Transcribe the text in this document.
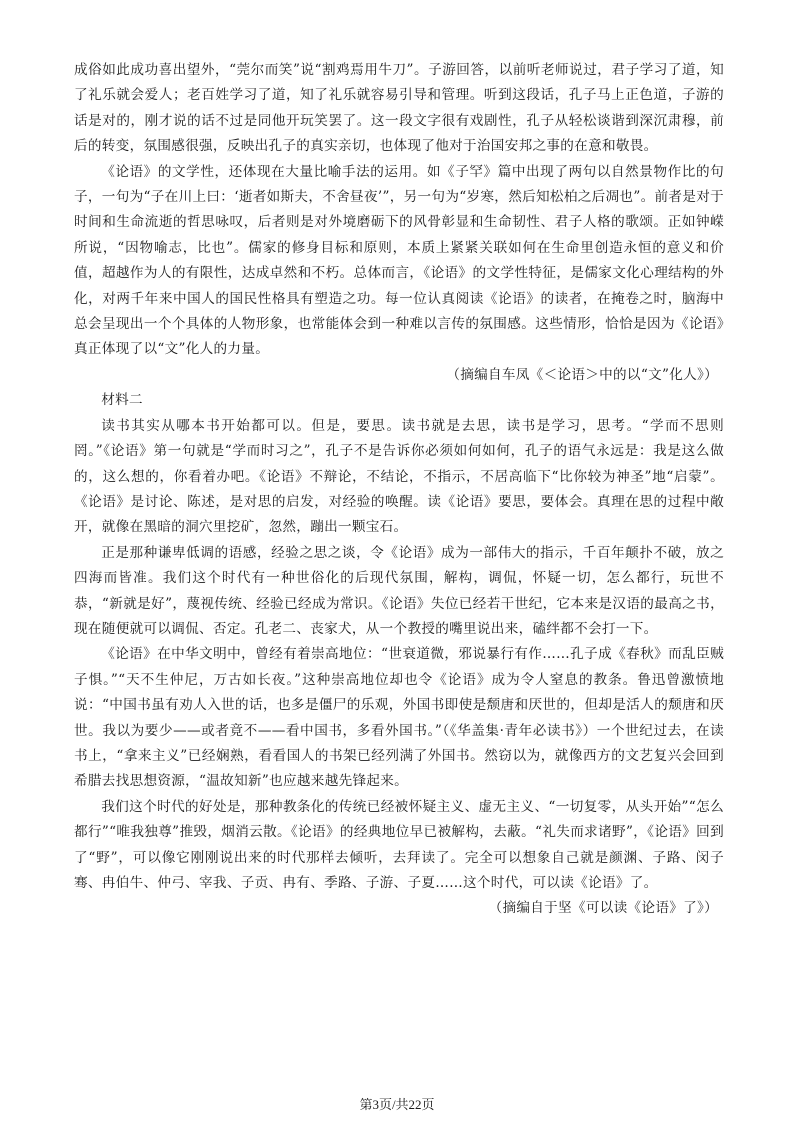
成俗如此成功喜出望外，“莞尔而笑”说“割鸡焉用牛刀”。子游回答，以前听老师说过，君子学习了道，知了礼乐就会爱人；老百姓学习了道，知了礼乐就容易引导和管理。听到这段话，孔子马上正色道，子游的话是对的，刚才说的话不过是同他开玩笑罢了。这一段文字很有戏剧性，孔子从轻松谈谐到深沉肃穆，前后的转变，氛围感很强，反映出孔子的真实亲切，也体现了他对于治国安邦之事的在意和敬畏。

《论语》的文学性，还体现在大量比喻手法的运用。如《子罕》篇中出现了两句以自然景物作比的句子，一句为“子在川上曰：‘逝者如斯夫，不舍昼夜’”，另一句为“岁寒，然后知松柏之后凋也”。前者是对于时间和生命流逝的哲思咏叹，后者则是对外境磨砺下的风骨彰显和生命韧性、君子人格的歌颂。正如钟嵘所说，“因物喻志，比也”。儒家的修身目标和原则，本质上紧紧关联如何在生命里创造永恒的意义和价值，超越作为人的有限性，达成卓然和不朽。总体而言，《论语》的文学性特征，是儒家文化心理结构的外化，对两千年来中国人的国民性格具有塑造之功。每一位认真阅读《论语》的读者，在掩卷之时，脑海中总会呈现出一个个具体的人物形象，也常能体会到一种难以言传的氛围感。这些情形，恰恰是因为《论语》真正体现了以“文”化人的力量。

（摘编自车凤《＜论语＞中的以“文”化人》）

材料二

读书其实从哪本书开始都可以。但是，要思。读书就是去思，读书是学习，思考。“学而不思则罔。”《论语》第一句就是“学而时习之”，孔子不是告诉你必须如何如何，孔子的语气永远是：我是这么做的，这么想的，你看着办吧。《论语》不辩论，不结论，不指示，不居高临下“比你较为神圣”地“启蒙”。《论语》是讨论、陈述，是对思的启发，对经验的唤醒。读《论语》要思，要体会。真理在思的过程中敞开，就像在黑暗的洞穴里挖矿，忽然，蹦出一颗宝石。

正是那种谦卑低调的语感，经验之思之谈，令《论语》成为一部伟大的指示，千百年颠扑不破，放之四海而皆准。我们这个时代有一种世俗化的后现代氛围，解构，调侃，怀疑一切，怎么都行，玩世不恭，“新就是好”，蔑视传统、经验已经成为常识。《论语》失位已经若干世纪，它本来是汉语的最高之书，现在随便就可以调侃、否定。孔老二、丧家犬，从一个教授的嘴里说出来，磕绊都不会打一下。

《论语》在中华文明中，曾经有着崇高地位：“世衰道微，邪说暴行有作……孔子成《春秋》而乱臣贼子惧。”“天不生仲尼，万古如长夜。”这种崇高地位却也令《论语》成为令人窒息的教条。鲁迅曾激愤地说：“中国书虽有劝人入世的话，也多是僵尸的乐观，外国书即使是颓唐和厌世的，但却是活人的颓唐和厌世。我以为要少——或者竟不——看中国书，多看外国书。”（《华盖集·青年必读书》）一个世纪过去，在读书上，“拿来主义”已经娴熟，看看国人的书架已经列满了外国书。然窃以为，就像西方的文艺复兴会回到希腊去找思想资源，“温故知新”也应越来越先锋起来。

我们这个时代的好处是，那种教条化的传统已经被怀疑主义、虚无主义、“一切复零，从头开始”“怎么都行”“唯我独尊”推毁，烟消云散。《论语》的经典地位早已被解构，去蔽。“礼失而求诸野”，《论语》回到了“野”，可以像它刚刚说出来的时代那样去倾听，去拜读了。完全可以想象自己就是颜渊、子路、闵子骞、冉伯牛、仲弓、宰我、子贡、冉有、季路、子游、子夏……这个时代，可以读《论语》了。

（摘编自于坚《可以读《论语》了》）

第3页/共22页
